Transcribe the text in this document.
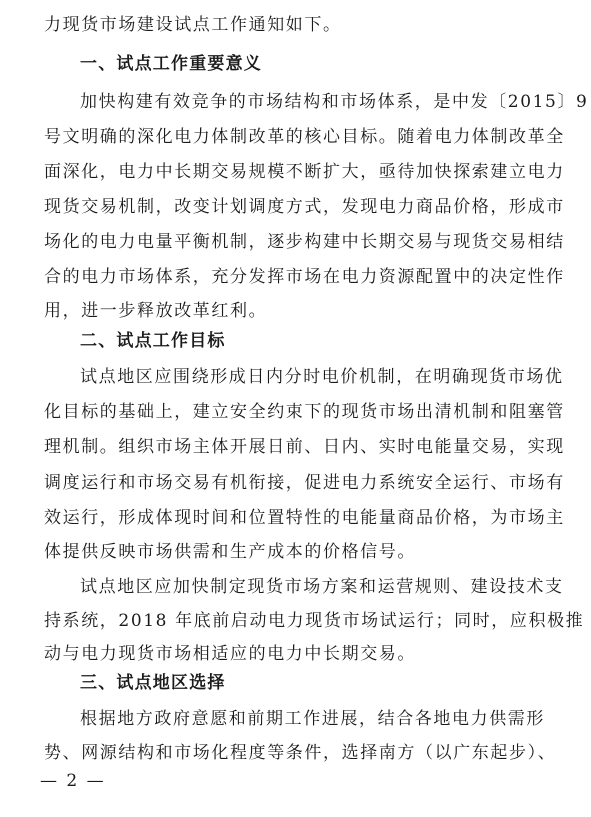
力现货市场建设试点工作通知如下。
一、试点工作重要意义
加快构建有效竞争的市场结构和市场体系，是中发〔2015〕9
号文明确的深化电力体制改革的核心目标。随着电力体制改革全
面深化，电力中长期交易规模不断扩大，亟待加快探索建立电力
现货交易机制，改变计划调度方式，发现电力商品价格，形成市
场化的电力电量平衡机制，逐步构建中长期交易与现货交易相结
合的电力市场体系，充分发挥市场在电力资源配置中的决定性作
用，进一步释放改革红利。
二、试点工作目标
试点地区应围绕形成日内分时电价机制，在明确现货市场优
化目标的基础上，建立安全约束下的现货市场出清机制和阻塞管
理机制。组织市场主体开展日前、日内、实时电能量交易，实现
调度运行和市场交易有机衔接，促进电力系统安全运行、市场有
效运行，形成体现时间和位置特性的电能量商品价格，为市场主
体提供反映市场供需和生产成本的价格信号。
试点地区应加快制定现货市场方案和运营规则、建设技术支
持系统，2018 年底前启动电力现货市场试运行；同时，应积极推
动与电力现货市场相适应的电力中长期交易。
三、试点地区选择
根据地方政府意愿和前期工作进展，结合各地电力供需形
势、网源结构和市场化程度等条件，选择南方（以广东起步）、
— 2 —
